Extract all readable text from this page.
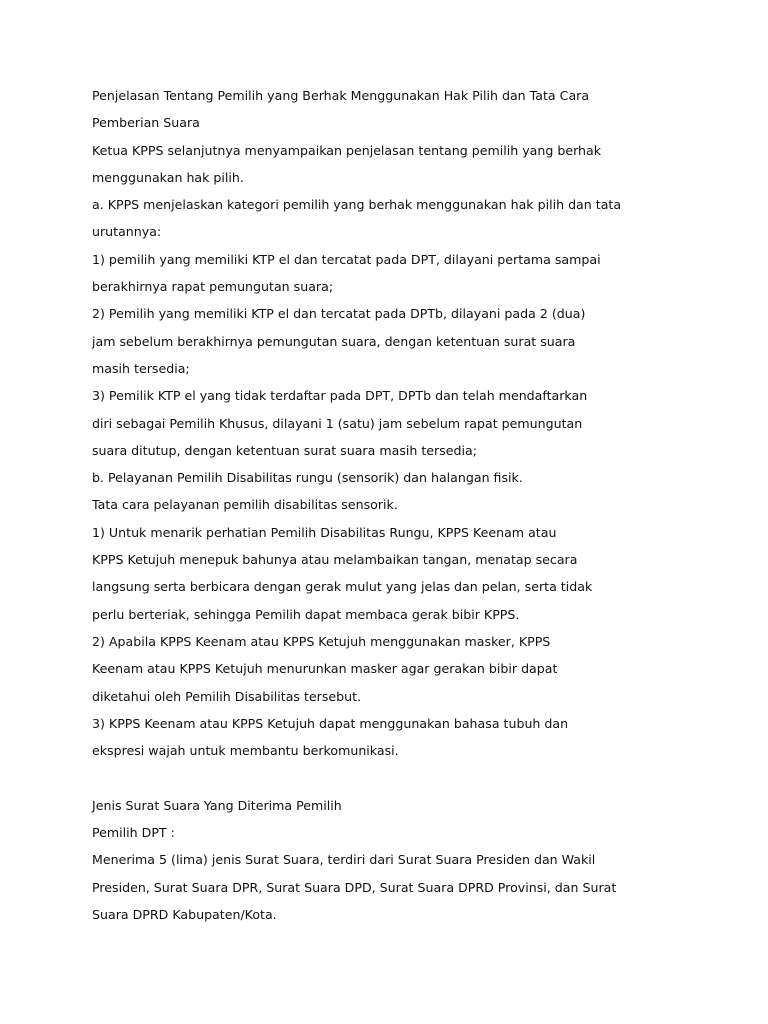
Penjelasan Tentang Pemilih yang Berhak Menggunakan Hak Pilih dan Tata Cara
Pemberian Suara
Ketua KPPS selanjutnya menyampaikan penjelasan tentang pemilih yang berhak
menggunakan hak pilih.
a. KPPS menjelaskan kategori pemilih yang berhak menggunakan hak pilih dan tata
urutannya:
1) pemilih yang memiliki KTP el dan tercatat pada DPT, dilayani pertama sampai
berakhirnya rapat pemungutan suara;
2) Pemilih yang memiliki KTP el dan tercatat pada DPTb, dilayani pada 2 (dua)
jam sebelum berakhirnya pemungutan suara, dengan ketentuan surat suara
masih tersedia;
3) Pemilik KTP el yang tidak terdaftar pada DPT, DPTb dan telah mendaftarkan
diri sebagai Pemilih Khusus, dilayani 1 (satu) jam sebelum rapat pemungutan
suara ditutup, dengan ketentuan surat suara masih tersedia;
b. Pelayanan Pemilih Disabilitas rungu (sensorik) dan halangan fisik.
Tata cara pelayanan pemilih disabilitas sensorik.
1) Untuk menarik perhatian Pemilih Disabilitas Rungu, KPPS Keenam atau
KPPS Ketujuh menepuk bahunya atau melambaikan tangan, menatap secara
langsung serta berbicara dengan gerak mulut yang jelas dan pelan, serta tidak
perlu berteriak, sehingga Pemilih dapat membaca gerak bibir KPPS.
2) Apabila KPPS Keenam atau KPPS Ketujuh menggunakan masker, KPPS
Keenam atau KPPS Ketujuh menurunkan masker agar gerakan bibir dapat
diketahui oleh Pemilih Disabilitas tersebut.
3) KPPS Keenam atau KPPS Ketujuh dapat menggunakan bahasa tubuh dan
ekspresi wajah untuk membantu berkomunikasi.
Jenis Surat Suara Yang Diterima Pemilih
Pemilih DPT :
Menerima 5 (lima) jenis Surat Suara, terdiri dari Surat Suara Presiden dan Wakil
Presiden, Surat Suara DPR, Surat Suara DPD, Surat Suara DPRD Provinsi, dan Surat
Suara DPRD Kabupaten/Kota.
